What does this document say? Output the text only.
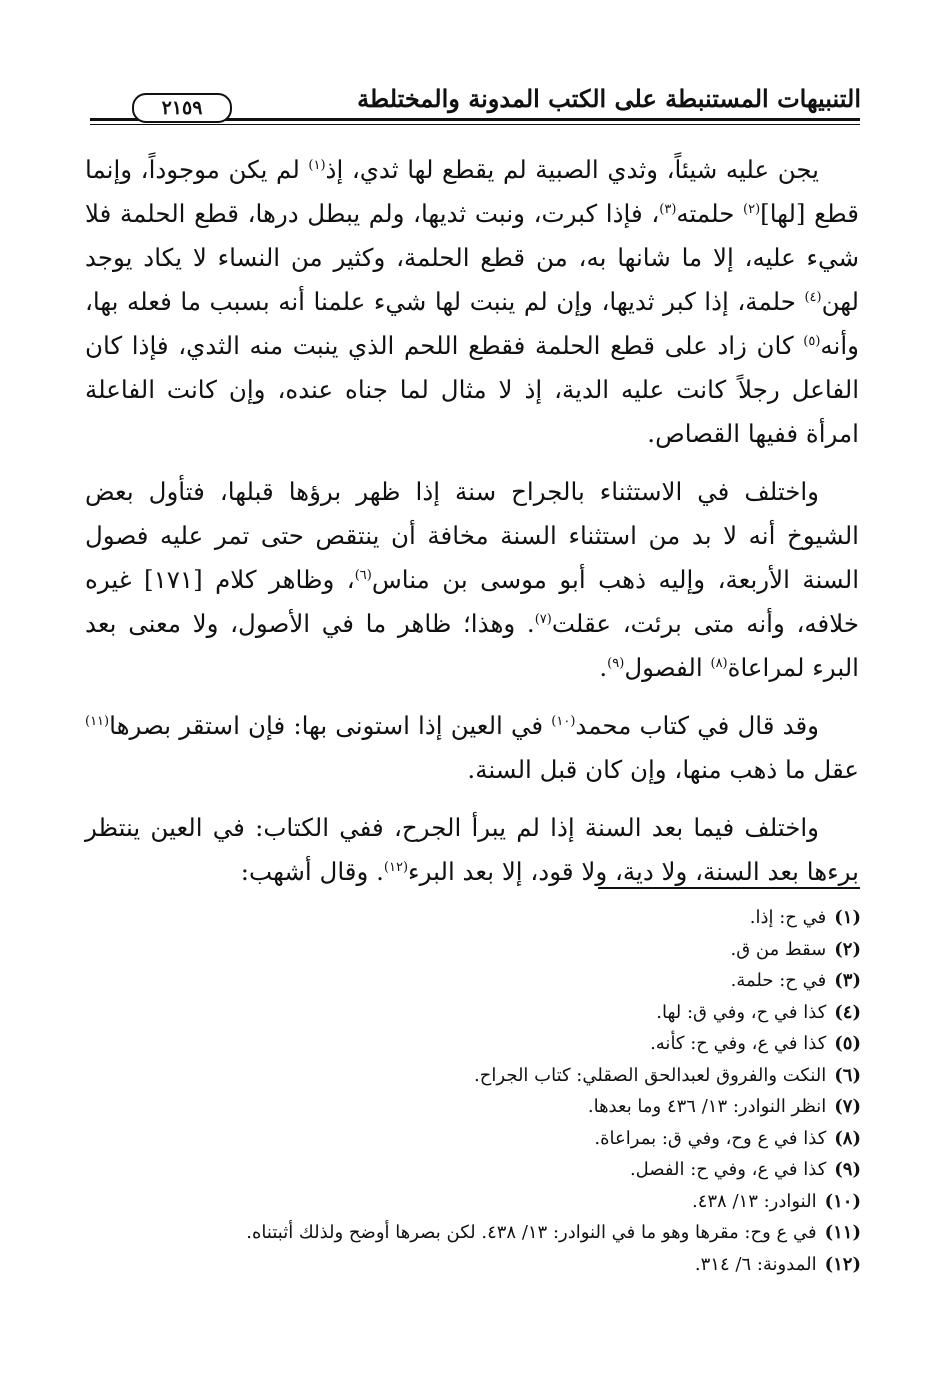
التنبيهات المستنبطة على الكتب المدونة والمختلطة
٢١٥٩

يجن عليه شيئاً، وثدي الصبية لم يقطع لها ثدي، إذ$^{(١)}$ لم يكن موجوداً، وإنما قطع [لها]$^{(٢)}$ حلمته$^{(٣)}$، فإذا كبرت، ونبت ثديها، ولم يبطل درها، قطع الحلمة فلا شيء عليه، إلا ما شانها به، من قطع الحلمة، وكثير من النساء لا يكاد يوجد لهن$^{(٤)}$ حلمة، إذا كبر ثديها، وإن لم ينبت لها شيء علمنا أنه بسبب ما فعله بها، وأنه$^{(٥)}$ كان زاد على قطع الحلمة فقطع اللحم الذي ينبت منه الثدي، فإذا كان الفاعل رجلاً كانت عليه الدية، إذ لا مثال لما جناه عنده، وإن كانت الفاعلة امرأة ففيها القصاص.

واختلف في الاستثناء بالجراح سنة إذا ظهر برؤها قبلها، فتأول بعض الشيوخ أنه لا بد من استثناء السنة مخافة أن ينتقص حتى تمر عليه فصول السنة الأربعة، وإليه ذهب أبو موسى بن مناس$^{(٦)}$، وظاهر كلام [١٧١] غيره خلافه، وأنه متى برئت، عقلت$^{(٧)}$. وهذا؛ ظاهر ما في الأصول، ولا معنى بعد البرء لمراعاة$^{(٨)}$ الفصول$^{(٩)}$.

وقد قال في كتاب محمد$^{(١٠)}$ في العين إذا استونى بها: فإن استقر بصرها$^{(١١)}$ عقل ما ذهب منها، وإن كان قبل السنة.

واختلف فيما بعد السنة إذا لم يبرأ الجرح، ففي الكتاب: في العين ينتظر برءها بعد السنة، ولا دية، ولا قود، إلا بعد البرء$^{(١٢)}$. وقال أشهب:

(١)في ح: إذا.
(٢)سقط من ق.
(٣)في ح: حلمة.
(٤)كذا في ح، وفي ق: لها.
(٥)كذا في ع، وفي ح: كأنه.
(٦)النكت والفروق لعبدالحق الصقلي: كتاب الجراح.
(٧)انظر النوادر: ١٣/ ٤٣٦ وما بعدها.
(٨)كذا في ع وح، وفي ق: بمراعاة.
(٩)كذا في ع، وفي ح: الفصل.
(١٠)النوادر: ١٣/ ٤٣٨.
(١١)في ع وح: مقرها وهو ما في النوادر: ١٣/ ٤٣٨. لكن بصرها أوضح ولذلك أثبتناه.
(١٢)المدونة: ٦/ ٣١٤.
